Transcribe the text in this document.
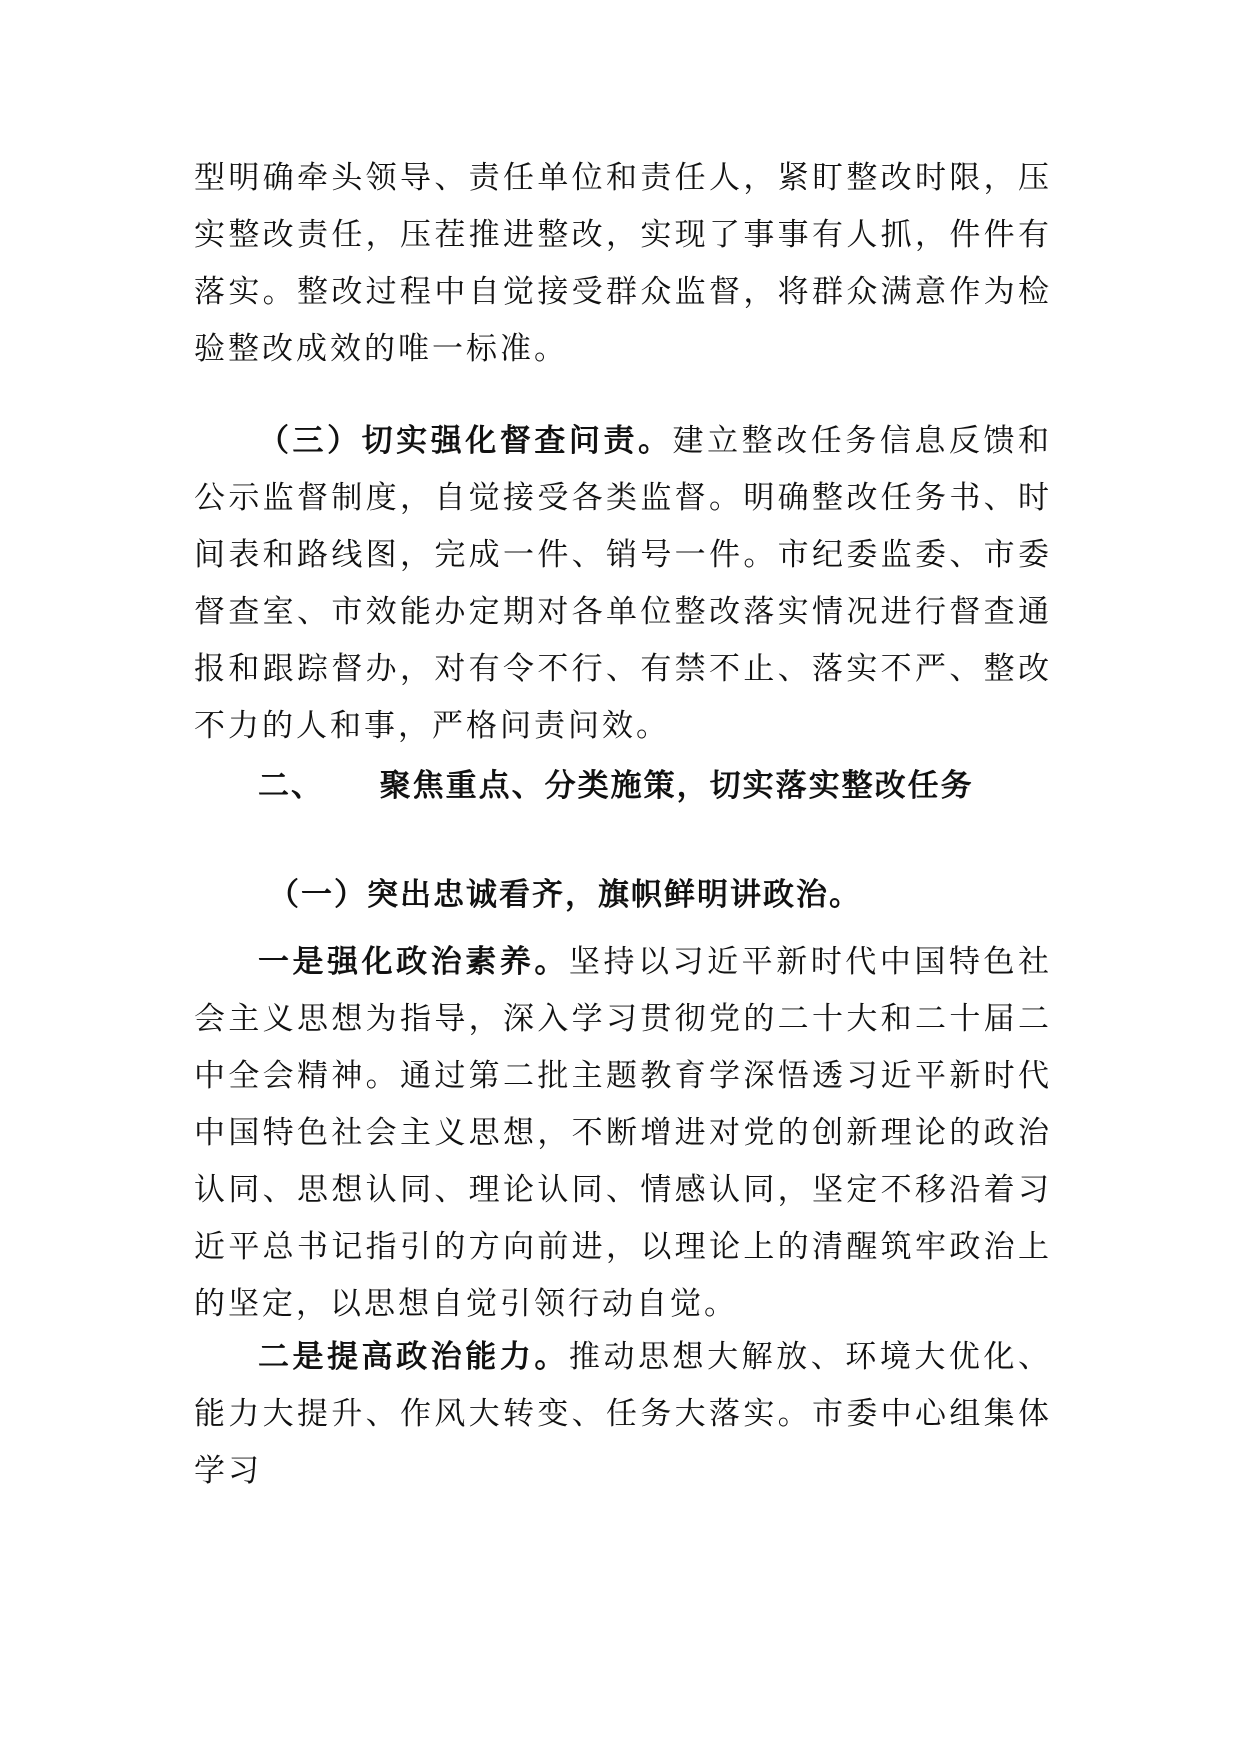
型明确牵头领导、责任单位和责任人，紧盯整改时限，压实整改责任，压茬推进整改，实现了事事有人抓，件件有落实。整改过程中自觉接受群众监督，将群众满意作为检验整改成效的唯一标准。

（三）切实强化督查问责。建立整改任务信息反馈和公示监督制度，自觉接受各类监督。明确整改任务书、时间表和路线图，完成一件、销号一件。市纪委监委、市委督查室、市效能办定期对各单位整改落实情况进行督查通报和跟踪督办，对有令不行、有禁不止、落实不严、整改不力的人和事，严格问责问效。

二、 聚焦重点、分类施策，切实落实整改任务
（一）突出忠诚看齐，旗帜鲜明讲政治。

一是强化政治素养。坚持以习近平新时代中国特色社会主义思想为指导，深入学习贯彻党的二十大和二十届二中全会精神。通过第二批主题教育学深悟透习近平新时代中国特色社会主义思想，不断增进对党的创新理论的政治认同、思想认同、理论认同、情感认同，坚定不移沿着习近平总书记指引的方向前进，以理论上的清醒筑牢政治上的坚定，以思想自觉引领行动自觉。

二是提高政治能力。推动思想大解放、环境大优化、能力大提升、作风大转变、任务大落实。市委中心组集体学习
